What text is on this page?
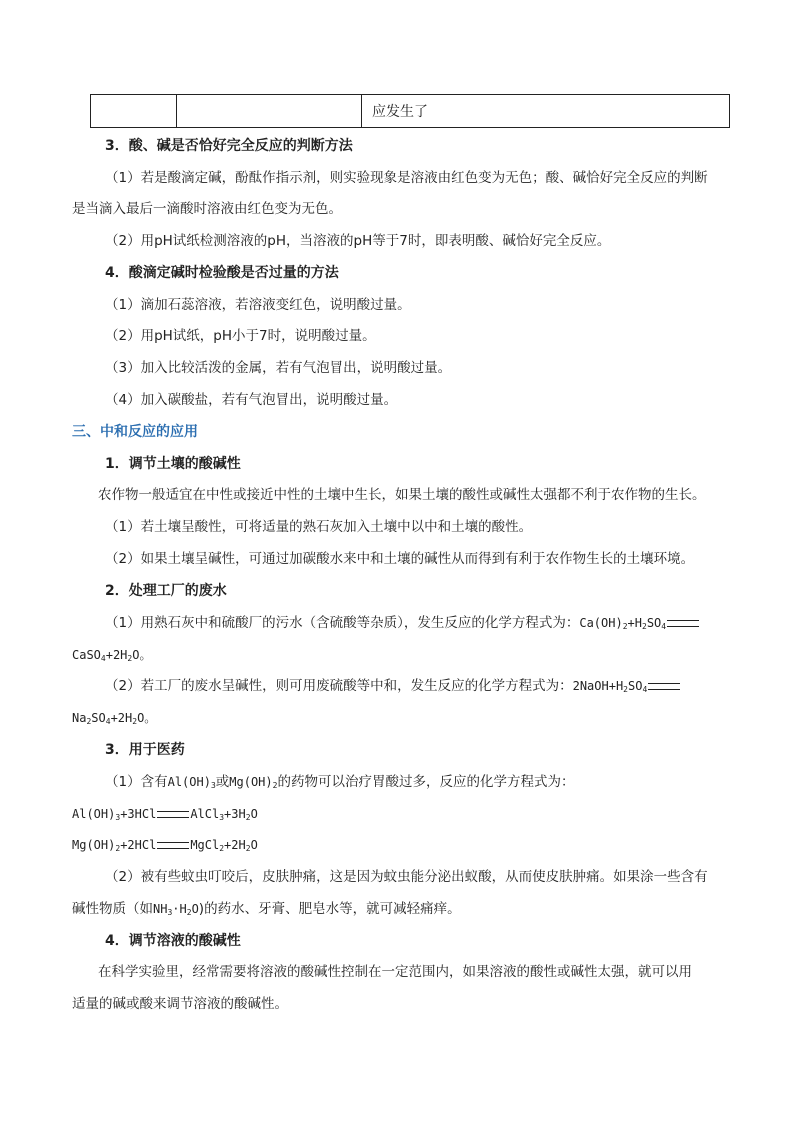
应发生了
3．酸、碱是否恰好完全反应的判断方法
（1）若是酸滴定碱，酚酞作指示剂，则实验现象是溶液由红色变为无色；酸、碱恰好完全反应的判断
是当滴入最后一滴酸时溶液由红色变为无色。
（2）用pH试纸检测溶液的pH，当溶液的pH等于7时，即表明酸、碱恰好完全反应。
4．酸滴定碱时检验酸是否过量的方法
（1）滴加石蕊溶液，若溶液变红色，说明酸过量。
（2）用pH试纸，pH小于7时，说明酸过量。
（3）加入比较活泼的金属，若有气泡冒出，说明酸过量。
（4）加入碳酸盐，若有气泡冒出，说明酸过量。
三、中和反应的应用
1．调节土壤的酸碱性
农作物一般适宜在中性或接近中性的土壤中生长，如果土壤的酸性或碱性太强都不利于农作物的生长。
（1）若土壤呈酸性，可将适量的熟石灰加入土壤中以中和土壤的酸性。
（2）如果土壤呈碱性，可通过加碳酸水来中和土壤的碱性从而得到有利于农作物生长的土壤环境。
2．处理工厂的废水
（1）用熟石灰中和硫酸厂的污水（含硫酸等杂质），发生反应的化学方程式为：$Ca(OH)_2+H_2SO_4$
$CaSO_4+2H_2O$。
（2）若工厂的废水呈碱性，则可用废硫酸等中和，发生反应的化学方程式为：$2NaOH+H_2SO_4$
$Na_2SO_4+2H_2O$。
3．用于医药
（1）含有$Al(OH)_3$或$Mg(OH)_2$的药物可以治疗胃酸过多，反应的化学方程式为：
$Al(OH)_3+3HCl$	$AlCl_3+3H_2O$
$Mg(OH)_2+2HCl$	$MgCl_2+2H_2O$
（2）被有些蚊虫叮咬后，皮肤肿痛，这是因为蚊虫能分泌出蚁酸，从而使皮肤肿痛。如果涂一些含有
碱性物质（如$NH_3\cdot H_2O$)的药水、牙膏、肥皂水等，就可减轻痛痒。
4．调节溶液的酸碱性
在科学实验里，经常需要将溶液的酸碱性控制在一定范围内，如果溶液的酸性或碱性太强，就可以用
适量的碱或酸来调节溶液的酸碱性。
